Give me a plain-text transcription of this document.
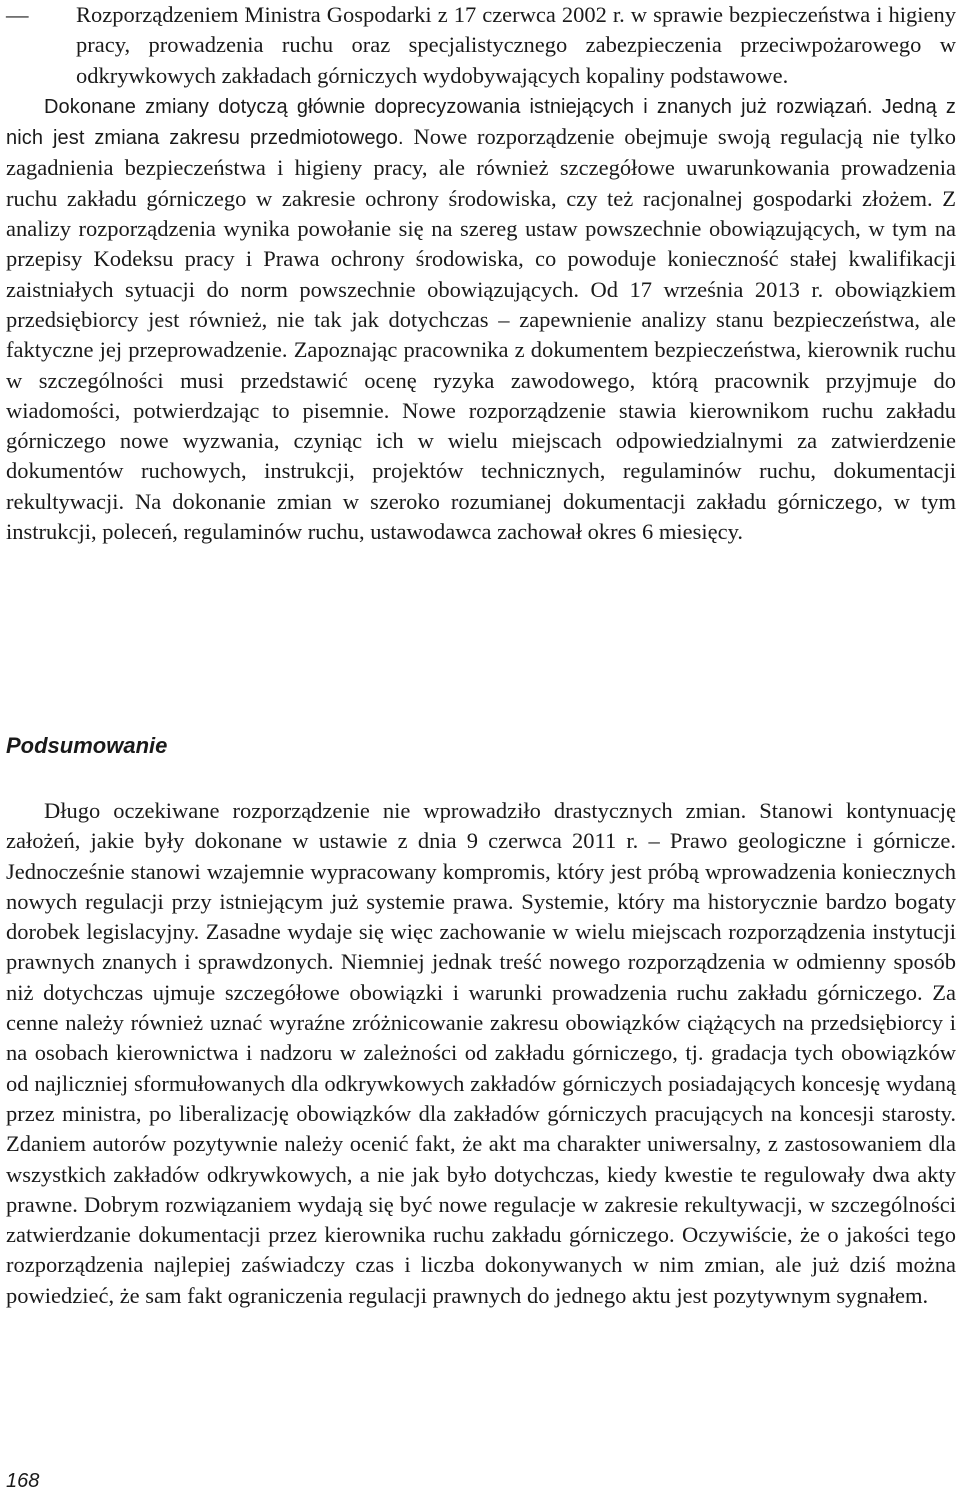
—	Rozporządzeniem Ministra Gospodarki z 17 czerwca 2002 r. w sprawie bezpieczeństwa i higieny pracy, prowadzenia ruchu oraz specjalistycznego zabezpieczenia przeciwpożarowego w odkrywkowych zakładach górniczych wydobywających kopaliny podstawowe.

Dokonane zmiany dotyczą głównie doprecyzowania istniejących i znanych już rozwiązań. Jedną z nich jest zmiana zakresu przedmiotowego. Nowe rozporządzenie obejmuje swoją regulacją nie tylko zagadnienia bezpieczeństwa i higieny pracy, ale również szczegółowe uwarunkowania prowadzenia ruchu zakładu górniczego w zakresie ochrony środowiska, czy też racjonalnej gospodarki złożem. Z analizy rozporządzenia wynika powołanie się na szereg ustaw powszechnie obowiązujących, w tym na przepisy Kodeksu pracy i Prawa ochrony środowiska, co powoduje konieczność stałej kwalifikacji zaistniałych sytuacji do norm powszechnie obowiązujących. Od 17 września 2013 r. obowiązkiem przedsiębiorcy jest również, nie tak jak dotychczas – zapewnienie analizy stanu bezpieczeństwa, ale faktyczne jej przeprowadzenie. Zapoznając pracownika z dokumentem bezpieczeństwa, kierownik ruchu w szczególności musi przedstawić ocenę ryzyka zawodowego, którą pracownik przyjmuje do wiadomości, potwierdzając to pisemnie. Nowe rozporządzenie stawia kierownikom ruchu zakładu górniczego nowe wyzwania, czyniąc ich w wielu miejscach odpowiedzialnymi za zatwierdzenie dokumentów ruchowych, instrukcji, projektów technicznych, regulaminów ruchu, dokumentacji rekultywacji. Na dokonanie zmian w szeroko rozumianej dokumentacji zakładu górniczego, w tym instrukcji, poleceń, regulaminów ruchu, ustawodawca zachował okres 6 miesięcy.

Podsumowanie

Długo oczekiwane rozporządzenie nie wprowadziło drastycznych zmian. Stanowi kontynuację założeń, jakie były dokonane w ustawie z dnia 9 czerwca 2011 r. – Prawo geologiczne i górnicze. Jednocześnie stanowi wzajemnie wypracowany kompromis, który jest próbą wprowadzenia koniecznych nowych regulacji przy istniejącym już systemie prawa. Systemie, który ma historycznie bardzo bogaty dorobek legislacyjny. Zasadne wydaje się więc zachowanie w wielu miejscach rozporządzenia instytucji prawnych znanych i sprawdzonych. Niemniej jednak treść nowego rozporządzenia w odmienny sposób niż dotychczas ujmuje szczegółowe obowiązki i warunki prowadzenia ruchu zakładu górniczego. Za cenne należy również uznać wyraźne zróżnicowanie zakresu obowiązków ciążących na przedsiębiorcy i na osobach kierownictwa i nadzoru w zależności od zakładu górniczego, tj. gradacja tych obowiązków od najliczniej sformułowanych dla odkrywkowych zakładów górniczych posiadających koncesję wydaną przez ministra, po liberalizację obowiązków dla zakładów górniczych pracujących na koncesji starosty. Zdaniem autorów pozytywnie należy ocenić fakt, że akt ma charakter uniwersalny, z zastosowaniem dla wszystkich zakładów odkrywkowych, a nie jak było dotychczas, kiedy kwestie te regulowały dwa akty prawne. Dobrym rozwiązaniem wydają się być nowe regulacje w zakresie rekultywacji, w szczególności zatwierdzanie dokumentacji przez kierownika ruchu zakładu górniczego. Oczywiście, że o jakości tego rozporządzenia najlepiej zaświadczy czas i liczba dokonywanych w nim zmian, ale już dziś można powiedzieć, że sam fakt ograniczenia regulacji prawnych do jednego aktu jest pozytywnym sygnałem.

168
